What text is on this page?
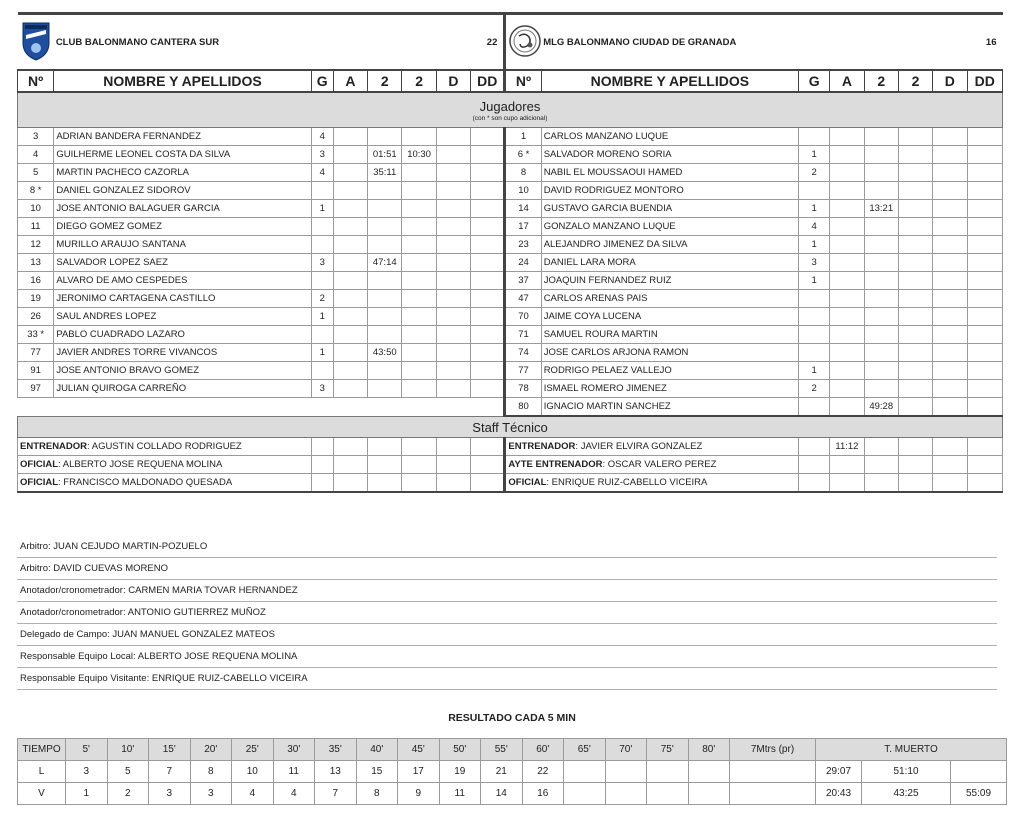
	CLUB BALONMANO CANTERA SUR					22			MLG BALONMANO CIUDAD DE GRANADA					16	
Nº	NOMBRE Y APELLIDOS	G	A	2	2	D	DD	Nº	NOMBRE Y APELLIDOS	G	A	2	2	D	DD

Jugadores
(con * son cupo adicional)															

3	ADRIAN BANDERA FERNANDEZ	4						1	CARLOS MANZANO LUQUE						
4	GUILHERME LEONEL COSTA DA SILVA	3		01:51	10:30			6 *	SALVADOR MORENO SORIA	1					
5	MARTIN PACHECO CAZORLA	4		35:11				8	NABIL EL MOUSSAOUI HAMED	2					
8 *	DANIEL GONZALEZ SIDOROV							10	DAVID RODRIGUEZ MONTORO						
10	JOSE ANTONIO BALAGUER GARCIA	1						14	GUSTAVO GARCIA BUENDIA	1		13:21			
11	DIEGO GOMEZ GOMEZ							17	GONZALO MANZANO LUQUE	4					
12	MURILLO ARAUJO SANTANA							23	ALEJANDRO JIMENEZ DA SILVA	1					
13	SALVADOR LOPEZ SAEZ	3		47:14				24	DANIEL LARA MORA	3					
16	ALVARO DE AMO CESPEDES							37	JOAQUIN FERNANDEZ RUIZ	1					
19	JERONIMO CARTAGENA CASTILLO	2						47	CARLOS ARENAS PAIS						
26	SAUL ANDRES LOPEZ	1						70	JAIME COYA LUCENA						
33 *	PABLO CUADRADO LAZARO							71	SAMUEL ROURA MARTIN						
77	JAVIER ANDRES TORRE VIVANCOS	1		43:50				74	JOSE CARLOS ARJONA RAMON						
91	JOSE ANTONIO BRAVO GOMEZ							77	RODRIGO PELAEZ VALLEJO	1					
97	JULIAN QUIROGA CARREÑO	3						78	ISMAEL ROMERO JIMENEZ	2					
								80	IGNACIO MARTIN SANCHEZ			49:28			
Staff Técnico															
ENTRENADOR: AGUSTIN COLLADO RODRIGUEZ								ENTRENADOR: JAVIER ELVIRA GONZALEZ			11:12				
OFICIAL: ALBERTO JOSE REQUENA MOLINA								AYTE ENTRENADOR: OSCAR VALERO PEREZ							
OFICIAL: FRANCISCO MALDONADO QUESADA								OFICIAL: ENRIQUE RUIZ-CABELLO VICEIRA							
Arbitro: JUAN CEJUDO MARTIN-POZUELO
Arbitro: DAVID CUEVAS MORENO
Anotador/cronometrador: CARMEN MARIA TOVAR HERNANDEZ
Anotador/cronometrador: ANTONIO GUTIERREZ MUÑOZ
Delegado de Campo: JUAN MANUEL GONZALEZ MATEOS
Responsable Equipo Local: ALBERTO JOSE REQUENA MOLINA
Responsable Equipo Visitante: ENRIQUE RUIZ-CABELLO VICEIRA
RESULTADO CADA 5 MIN
TIEMPO	5'	10'	15'	20'	25'	30'	35'	40'	45'	50'	55'	60'	65'	70'	75'	80'	7Mtrs (pr)	T. MUERTO		
L	3	5	7	8	10	11	13	15	17	19	21	22						29:07	51:10	
V	1	2	3	3	4	4	7	8	9	11	14	16						20:43	43:25	55:09
